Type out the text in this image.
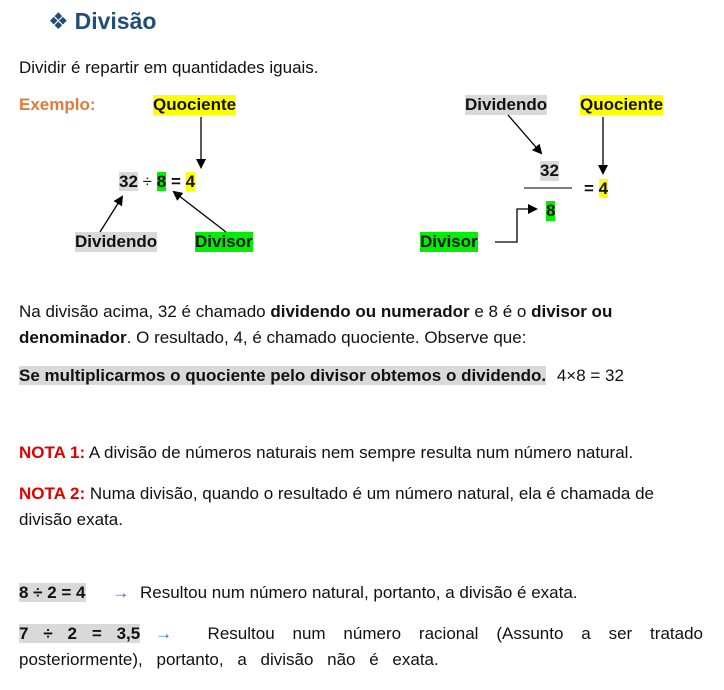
❖ Divisão
Dividir é repartir em quantidades iguais.
Exemplo:	Quociente
32 ÷ 8 = 4
Dividendo Divisor
Dividendo Quociente
32
8
= 4
Divisor
Na divisão acima, 32 é chamado dividendo ou numerador e 8 é o divisor ou denominador. O resultado, 4, é chamado quociente. Observe que:
Se multiplicarmos o quociente pelo divisor obtemos o dividendo. 4×8 = 32
NOTA 1: A divisão de números naturais nem sempre resulta num número natural.
NOTA 2: Numa divisão, quando o resultado é um número natural, ela é chamada de divisão exata.
8 ÷ 2 = 4 → Resultou num número natural, portanto, a divisão é exata.
7 ÷ 2 = 3,5 → Resultou num número racional (Assunto a ser tratado posteriormente), portanto, a divisão não é exata.
